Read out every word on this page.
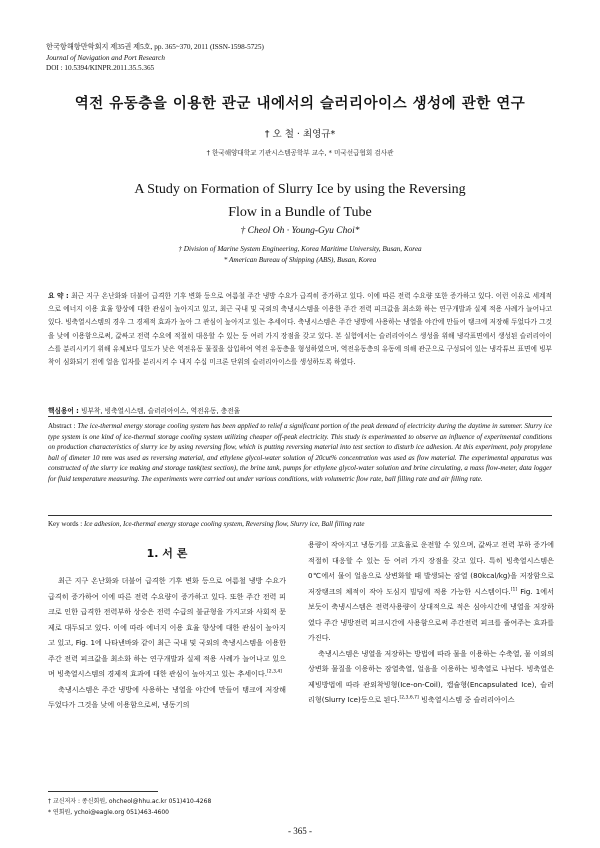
한국항해항만학회지 제35권 제5호, pp. 365~370, 2011 (ISSN-1598-5725)
Journal of Navigation and Port Research
DOI : 10.5394/KINPR.2011.35.5.365
역전 유동층을 이용한 관군 내에서의 슬러리아이스 생성에 관한 연구
† 오 철 · 최영규*
† 한국해양대학교 기관시스템공학부 교수, * 미국선급협회 검사관
A Study on Formation of Slurry Ice by using the Reversing
Flow in a Bundle of Tube
† Cheol Oh · Young-Gyu Choi*
† Division of Marine System Engineering, Korea Maritime University, Busan, Korea
* American Bureau of Shipping (ABS), Busan, Korea
요 약 : 최근 지구 온난화와 더불어 급격한 기후 변화 등으로 여름철 주간 냉방 수요가 급격히 증가하고 있다. 이에 따른 전력 수요량 또한 증가하고 있다. 이런 이유로 세계적으로 에너지 이용 효율 향상에 대한 관심이 높아지고 있고, 최근 국내 및 국외의 축냉시스템을 이용한 주간 전력 피크값을 최소화 하는 연구개발과 실제 적용 사례가 늘어나고 있다. 빙축열시스템의 경우 그 경제적 효과가 높아 그 관심이 높아지고 있는 추세이다. 축냉시스템은 주간 냉방에 사용하는 냉열을 야간에 만들어 탱크에 저장해 두었다가 그것을 낮에 이용함으로써, 값싸고 전력 수요에 적절히 대응할 수 있는 등 여러 가지 장점을 갖고 있다. 본 실험에서는 슬러리아이스 생성을 위해 냉각표면에서 생성된 슬러리아이스를 분리시키기 위해 유체보다 밀도가 낮은 역전유동 물질을 삽입하여 역전 유동층을 형성하였으며, 역전유동층의 유동에 의해 관군으로 구성되어 있는 냉각튜브 표면에 빙부착이 심화되기 전에 얼음 입자를 분리시켜 수 내지 수십 미크론 단위의 슬러리아이스를 생성하도록 하였다.
핵심용어 : 빙부착, 빙축열시스템, 슬러리아이스, 역전유동, 충전율
Abstract : The ice-thermal energy storage cooling system has been applied to relief a significant portion of the peak demand of electricity during the daytime in summer. Slurry ice type system is one kind of ice-thermal storage cooling system utilizing cheaper off-peak electricity. This study is experimented to observe an influence of experimental conditions on production characteristics of slurry ice by using reversing flow, which is putting reversing material into test section to disturb ice adhesion. At this experiment, poly propylene ball of dimeter 10 mm was used as reversing material, and ethylene glycol-water solution of 20cut% concentration was used as flow material. The experimental apparatus was constructed of the slurry ice making and storage tank(test section), the brine tank, pumps for ethylene glycol-water solution and brine circulating, a mass flow-meter, data logger for fluid temperature measuring. The experiments were carried out under various conditions, with volumetric flow rate, ball filling rate and air filling rate.
Key words : Ice adhesion, Ice-thermal energy storage cooling system, Reversing flow, Slurry ice, Ball filling rate
1. 서 론

최근 지구 온난화와 더불어 급격한 기후 변화 등으로 여름철 냉방 수요가 급격히 증가하여 이에 따른 전력 수요량이 증가하고 있다. 또한 주간 전력 피크로 인한 급격한 전력부하 상승은 전력 수급의 불균형을 가지고와 사회적 문제로 대두되고 있다. 이에 따라 에너지 이용 효율 향상에 대한 관심이 높아지고 있고, Fig. 1에 나타낸바와 같이 최근 국내 및 국외의 축냉시스템을 이용한 주간 전력 피크값을 최소화 하는 연구개발과 실제 적용 사례가 늘어나고 있으며 빙축열시스템의 경제적 효과에 대한 관심이 높아지고 있는 추세이다.[2,3,4]

축냉시스템은 주간 냉방에 사용하는 냉열을 야간에 만들어 탱크에 저장해 두었다가 그것을 낮에 이용함으로써, 냉동기의

용량이 작아지고 냉동기를 고효율로 운전할 수 있으며, 값싸고 전력 부하 증가에 적절히 대응할 수 있는 등 여러 가지 장점을 갖고 있다. 특히 빙축열시스템은 0℃에서 물이 얼음으로 상변화할 때 발생되는 잠열 (80kcal/kg)을 저장함으로 저장탱크의 체적이 작아 도심지 빌딩에 적용 가능한 시스템이다.[1] Fig. 1에서 보듯이 축냉시스템은 전력사용량이 상대적으로 적은 심야시간에 냉열을 저장하였다 주간 냉방전력 피크시간에 사용함으로써 주간전력 피크를 줄여주는 효과를 가진다.

축냉시스템은 냉열을 저장하는 방법에 따라 물을 이용하는 수축열, 물 이외의 상변화 물질을 이용하는 잠열축열, 얼음을 이용하는 빙축열로 나뉜다. 빙축열은 제빙방법에 따라 관외착빙형(Ice-on-Coil), 캡슐형(Encapsulated Ice), 슬러리형(Slurry Ice)등으로 된다.[2,3,6,7] 빙축열시스템 중 슬러리아이스

† 교신저자 : 종신회원, ohcheol@hhu.ac.kr 051)410-4268
* 연회원, ychoi@eagle.org 051)463-4600
- 365 -
